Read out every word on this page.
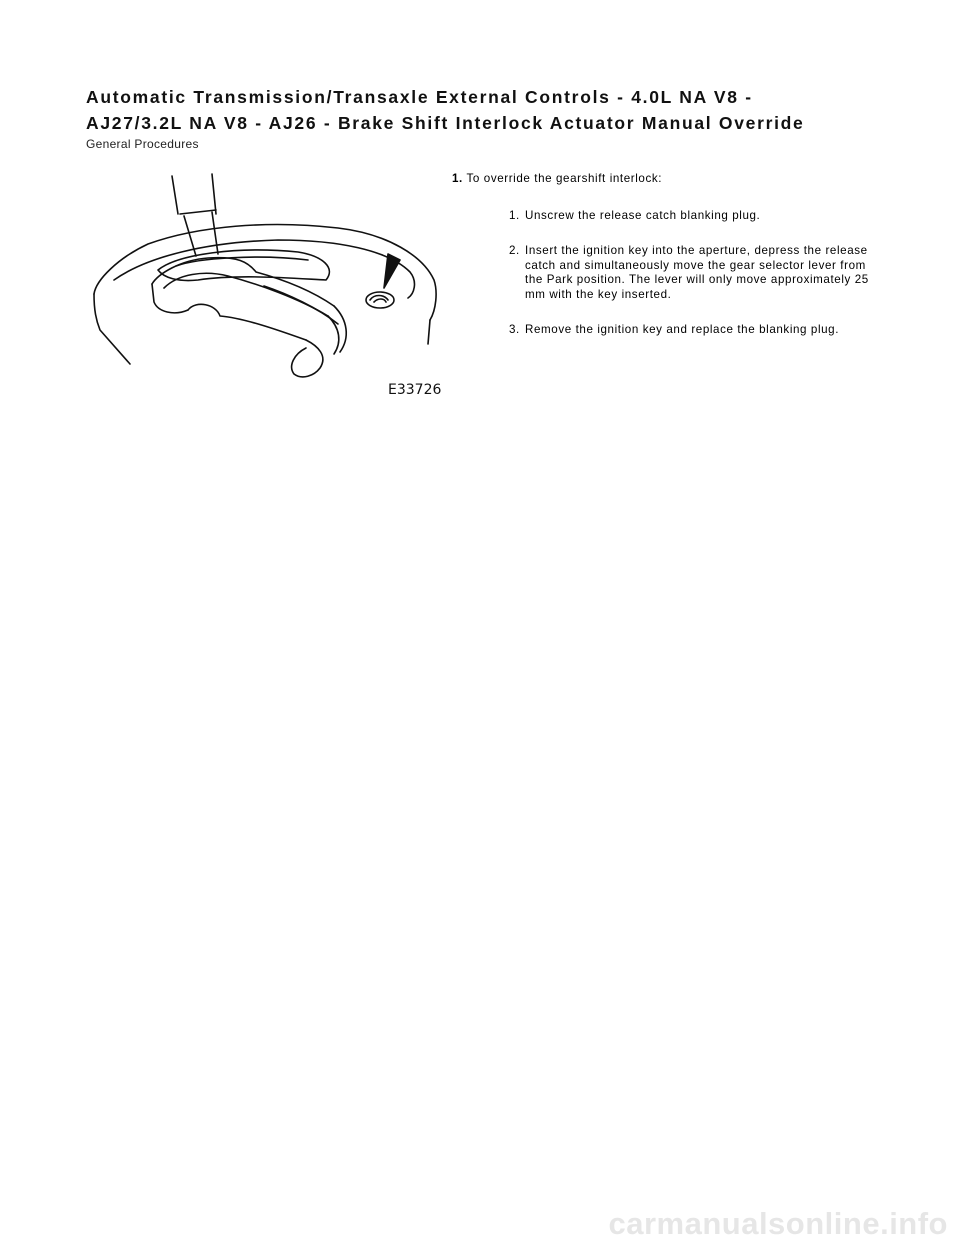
Automatic Transmission/Transaxle External Controls - 4.0L NA V8 -
AJ27/3.2L NA V8 - AJ26 - Brake Shift Interlock Actuator Manual Override

General Procedures

E33726

1. To override the gearshift interlock:

1. Unscrew the release catch blanking plug.
2. Insert the ignition key into the aperture, depress the release catch and simultaneously move the gear selector lever from the Park position. The lever will only move approximately 25 mm with the key inserted.
3. Remove the ignition key and replace the blanking plug.
carmanualsonline.info
